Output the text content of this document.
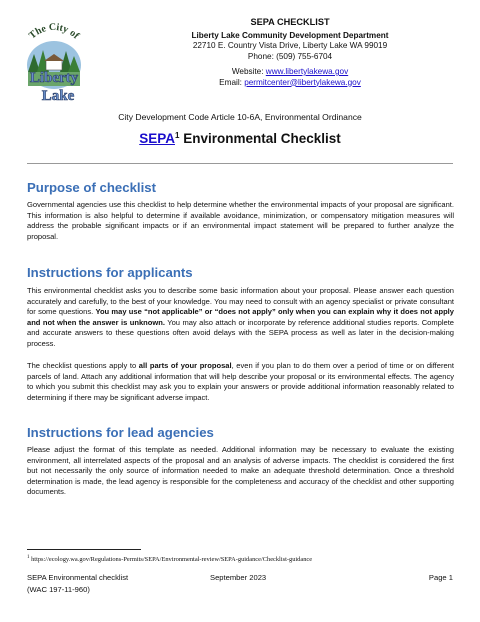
The City of
Liberty
Lake
SEPA CHECKLIST
Liberty Lake Community Development Department
22710 E. Country Vista Drive, Liberty Lake WA 99019
Phone: (509) 755-6704
Website: www.libertylakewa.gov
Email: permitcenter@libertylakewa.gov
City Development Code Article 10-6A, Environmental Ordinance
SEPA$^1$ Environmental Checklist
Purpose of checklist

Governmental agencies use this checklist to help determine whether the environmental impacts of your proposal are significant. This information is also helpful to determine if available avoidance, minimization, or compensatory mitigation measures will address the probable significant impacts or if an environmental impact statement will be prepared to further analyze the proposal.

Instructions for applicants

This environmental checklist asks you to describe some basic information about your proposal. Please answer each question accurately and carefully, to the best of your knowledge. You may need to consult with an agency specialist or private consultant for some questions. You may use “not applicable” or “does not apply” only when you can explain why it does not apply and not when the answer is unknown. You may also attach or incorporate by reference additional studies reports. Complete and accurate answers to these questions often avoid delays with the SEPA process as well as later in the decision-making process.

The checklist questions apply to all parts of your proposal, even if you plan to do them over a period of time or on different parcels of land. Attach any additional information that will help describe your proposal or its environmental effects. The agency to which you submit this checklist may ask you to explain your answers or provide additional information reasonably related to determining if there may be significant adverse impact.

Instructions for lead agencies

Please adjust the format of this template as needed. Additional information may be necessary to evaluate the existing environment, all interrelated aspects of the proposal and an analysis of adverse impacts. The checklist is considered the first but not necessarily the only source of information needed to make an adequate threshold determination. Once a threshold determination is made, the lead agency is responsible for the completeness and accuracy of the checklist and other supporting documents.

$^1$ https://ecology.wa.gov/Regulations-Permits/SEPA/Environmental-review/SEPA-guidance/Checklist-guidance
SEPA Environmental checklist
(WAC 197-11-960)
September 2023	Page 1
